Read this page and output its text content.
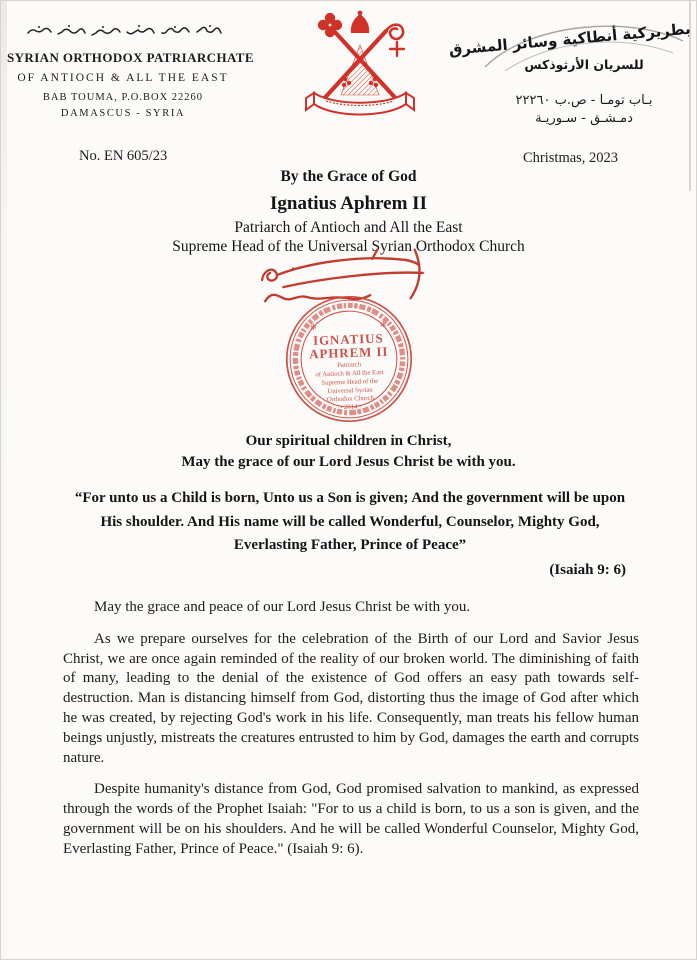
SYRIAN ORTHODOX PATRIARCHATE
OF ANTIOCH & ALL THE EAST
BAB TOUMA, P.O.BOX 22260
DAMASCUS - SYRIA
بطريركية أنطاكية وسائر المشرق
للسريان الأرثوذكس
بـاب تومـا - ص.ب ٢٢٢٦٠
دمـشـق - سـوريـة
No. EN 605/23	Christmas, 2023
By the Grace of God
Ignatius Aphrem II
Patriarch of Antioch and All the East
Supreme Head of the Universal Syrian Orthodox Church
✻	✻
IGNATIUS
APHREM II
Patriarch
of Antioch & All the East
Supreme Head of the
Universal Syrian
Orthodox Church
- 2014 -
Our spiritual children in Christ,
May the grace of our Lord Jesus Christ be with you.
“For unto us a Child is born, Unto us a Son is given; And the government will be upon His shoulder. And His name will be called Wonderful, Counselor, Mighty God, Everlasting Father, Prince of Peace”
(Isaiah 9: 6)

May the grace and peace of our Lord Jesus Christ be with you.

As we prepare ourselves for the celebration of the Birth of our Lord and Savior Jesus Christ, we are once again reminded of the reality of our broken world. The diminishing of faith of many, leading to the denial of the existence of God offers an easy path towards self-destruction. Man is distancing himself from God, distorting thus the image of God after which he was created, by rejecting God's work in his life. Consequently, man treats his fellow human beings unjustly, mistreats the creatures entrusted to him by God, damages the earth and corrupts nature.

Despite humanity's distance from God, God promised salvation to mankind, as expressed through the words of the Prophet Isaiah: "For to us a child is born, to us a son is given, and the government will be on his shoulders. And he will be called Wonderful Counselor, Mighty God, Everlasting Father, Prince of Peace." (Isaiah 9: 6).
